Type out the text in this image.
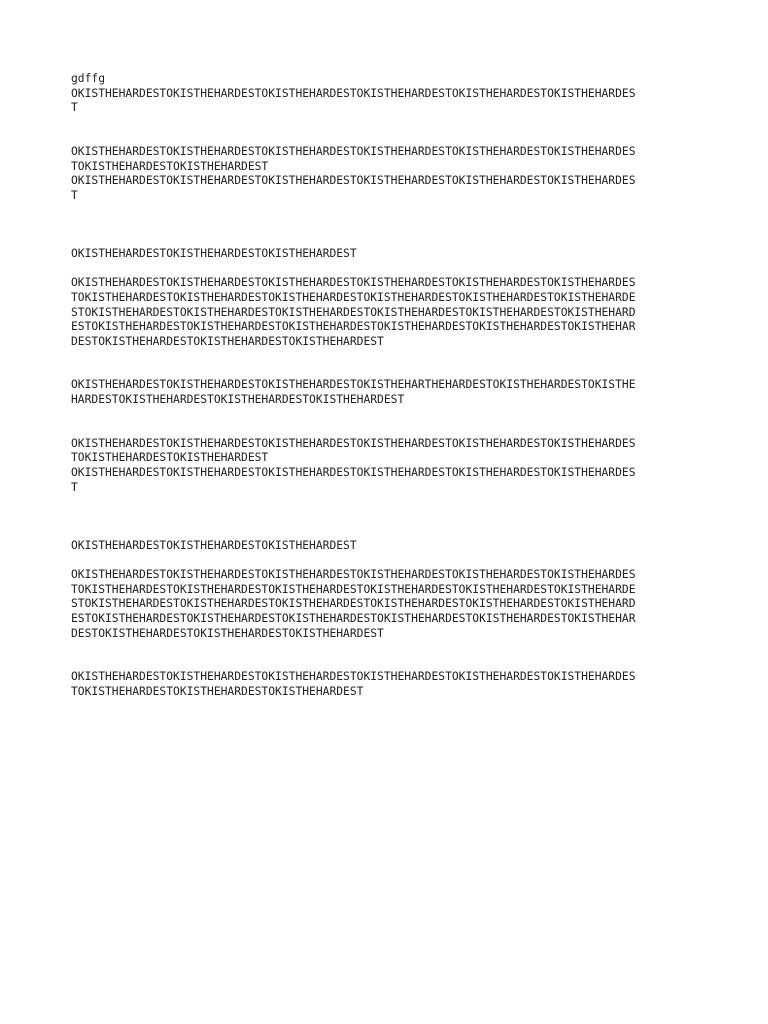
gdffg
OKISTHEHARDESTOKISTHEHARDESTOKISTHEHARDESTOKISTHEHARDESTOKISTHEHARDESTOKISTHEHARDES
T
OKISTHEHARDESTOKISTHEHARDESTOKISTHEHARDESTOKISTHEHARDESTOKISTHEHARDESTOKISTHEHARDES
TOKISTHEHARDESTOKISTHEHARDEST
OKISTHEHARDESTOKISTHEHARDESTOKISTHEHARDESTOKISTHEHARDESTOKISTHEHARDESTOKISTHEHARDES
T
OKISTHEHARDESTOKISTHEHARDESTOKISTHEHARDEST
OKISTHEHARDESTOKISTHEHARDESTOKISTHEHARDESTOKISTHEHARDESTOKISTHEHARDESTOKISTHEHARDES
TOKISTHEHARDESTOKISTHEHARDESTOKISTHEHARDESTOKISTHEHARDESTOKISTHEHARDESTOKISTHEHARDE
STOKISTHEHARDESTOKISTHEHARDESTOKISTHEHARDESTOKISTHEHARDESTOKISTHEHARDESTOKISTHEHARD
ESTOKISTHEHARDESTOKISTHEHARDESTOKISTHEHARDESTOKISTHEHARDESTOKISTHEHARDESTOKISTHEHAR
DESTOKISTHEHARDESTOKISTHEHARDESTOKISTHEHARDEST
OKISTHEHARDESTOKISTHEHARDESTOKISTHEHARDESTOKISTHEHARTHEHARDESTOKISTHEHARDESTOKISTHE
HARDESTOKISTHEHARDESTOKISTHEHARDESTOKISTHEHARDEST
OKISTHEHARDESTOKISTHEHARDESTOKISTHEHARDESTOKISTHEHARDESTOKISTHEHARDESTOKISTHEHARDES
TOKISTHEHARDESTOKISTHEHARDEST
OKISTHEHARDESTOKISTHEHARDESTOKISTHEHARDESTOKISTHEHARDESTOKISTHEHARDESTOKISTHEHARDES
T
OKISTHEHARDESTOKISTHEHARDESTOKISTHEHARDEST
OKISTHEHARDESTOKISTHEHARDESTOKISTHEHARDESTOKISTHEHARDESTOKISTHEHARDESTOKISTHEHARDES
TOKISTHEHARDESTOKISTHEHARDESTOKISTHEHARDESTOKISTHEHARDESTOKISTHEHARDESTOKISTHEHARDE
STOKISTHEHARDESTOKISTHEHARDESTOKISTHEHARDESTOKISTHEHARDESTOKISTHEHARDESTOKISTHEHARD
ESTOKISTHEHARDESTOKISTHEHARDESTOKISTHEHARDESTOKISTHEHARDESTOKISTHEHARDESTOKISTHEHAR
DESTOKISTHEHARDESTOKISTHEHARDESTOKISTHEHARDEST
OKISTHEHARDESTOKISTHEHARDESTOKISTHEHARDESTOKISTHEHARDESTOKISTHEHARDESTOKISTHEHARDES
TOKISTHEHARDESTOKISTHEHARDESTOKISTHEHARDEST
